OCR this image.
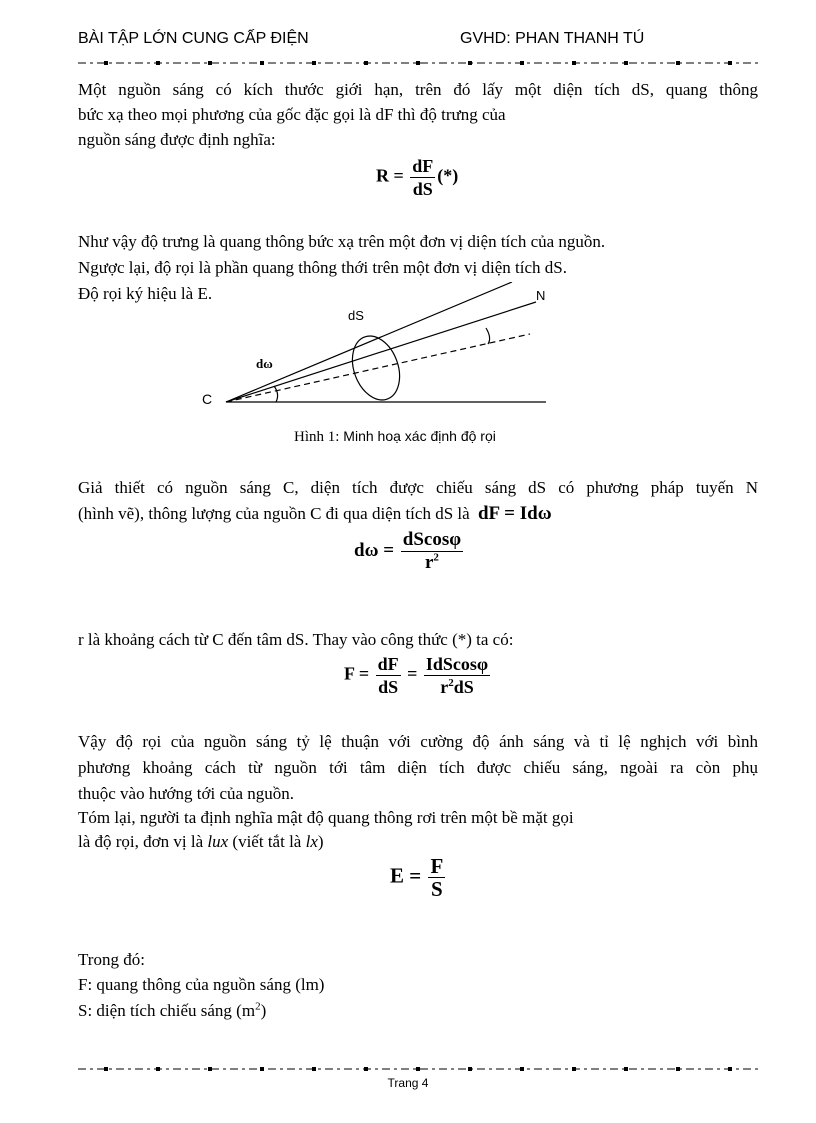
BÀI TẬP LỚN CUNG CẤP ĐIỆN	GVHD: PHAN THANH TÚ
Một nguồn sáng có kích thước giới hạn, trên đó lấy một diện tích dS, quang thông
bức xạ theo mọi phương của gốc đặc gọi là dF thì độ trưng của
nguồn sáng được định nghĩa:
$R = \frac{dF}{dS}$ (*)
Như vậy độ trưng là quang thông bức xạ trên một đơn vị diện tích của nguồn.
Ngược lại, độ rọi là phần quang thông thới trên một đơn vị diện tích dS.
Độ rọi ký hiệu là E.
dS
N
dω
C
Hình 1: Minh hoạ xác định độ rọi
Giả thiết có nguồn sáng C, diện tích được chiếu sáng dS có phương pháp tuyến N
(hình vẽ), thông lượng của nguồn C đi qua diện tích dS là dF = Idω
$d\omega = \frac{dScos\varphi}{r^2}$
r là khoảng cách từ C đến tâm dS. Thay vào công thức (*) ta có:
$F = \frac{dF}{dS} = \frac{\text{IdScosφ}}{r^2dS}$
Vậy độ rọi của nguồn sáng tỷ lệ thuận với cường độ ánh sáng và tỉ lệ nghịch với bình
phương khoảng cách từ nguồn tới tâm diện tích được chiếu sáng, ngoài ra còn phụ
thuộc vào hướng tới của nguồn.
Tóm lại, người ta định nghĩa mật độ quang thông rơi trên một bề mặt gọi
là độ rọi, đơn vị là lux (viết tắt là lx)
$E = \frac{F}{S}$
Trong đó:
F: quang thông của nguồn sáng (lm)
S: diện tích chiếu sáng $(m^2)$
Trang 4
